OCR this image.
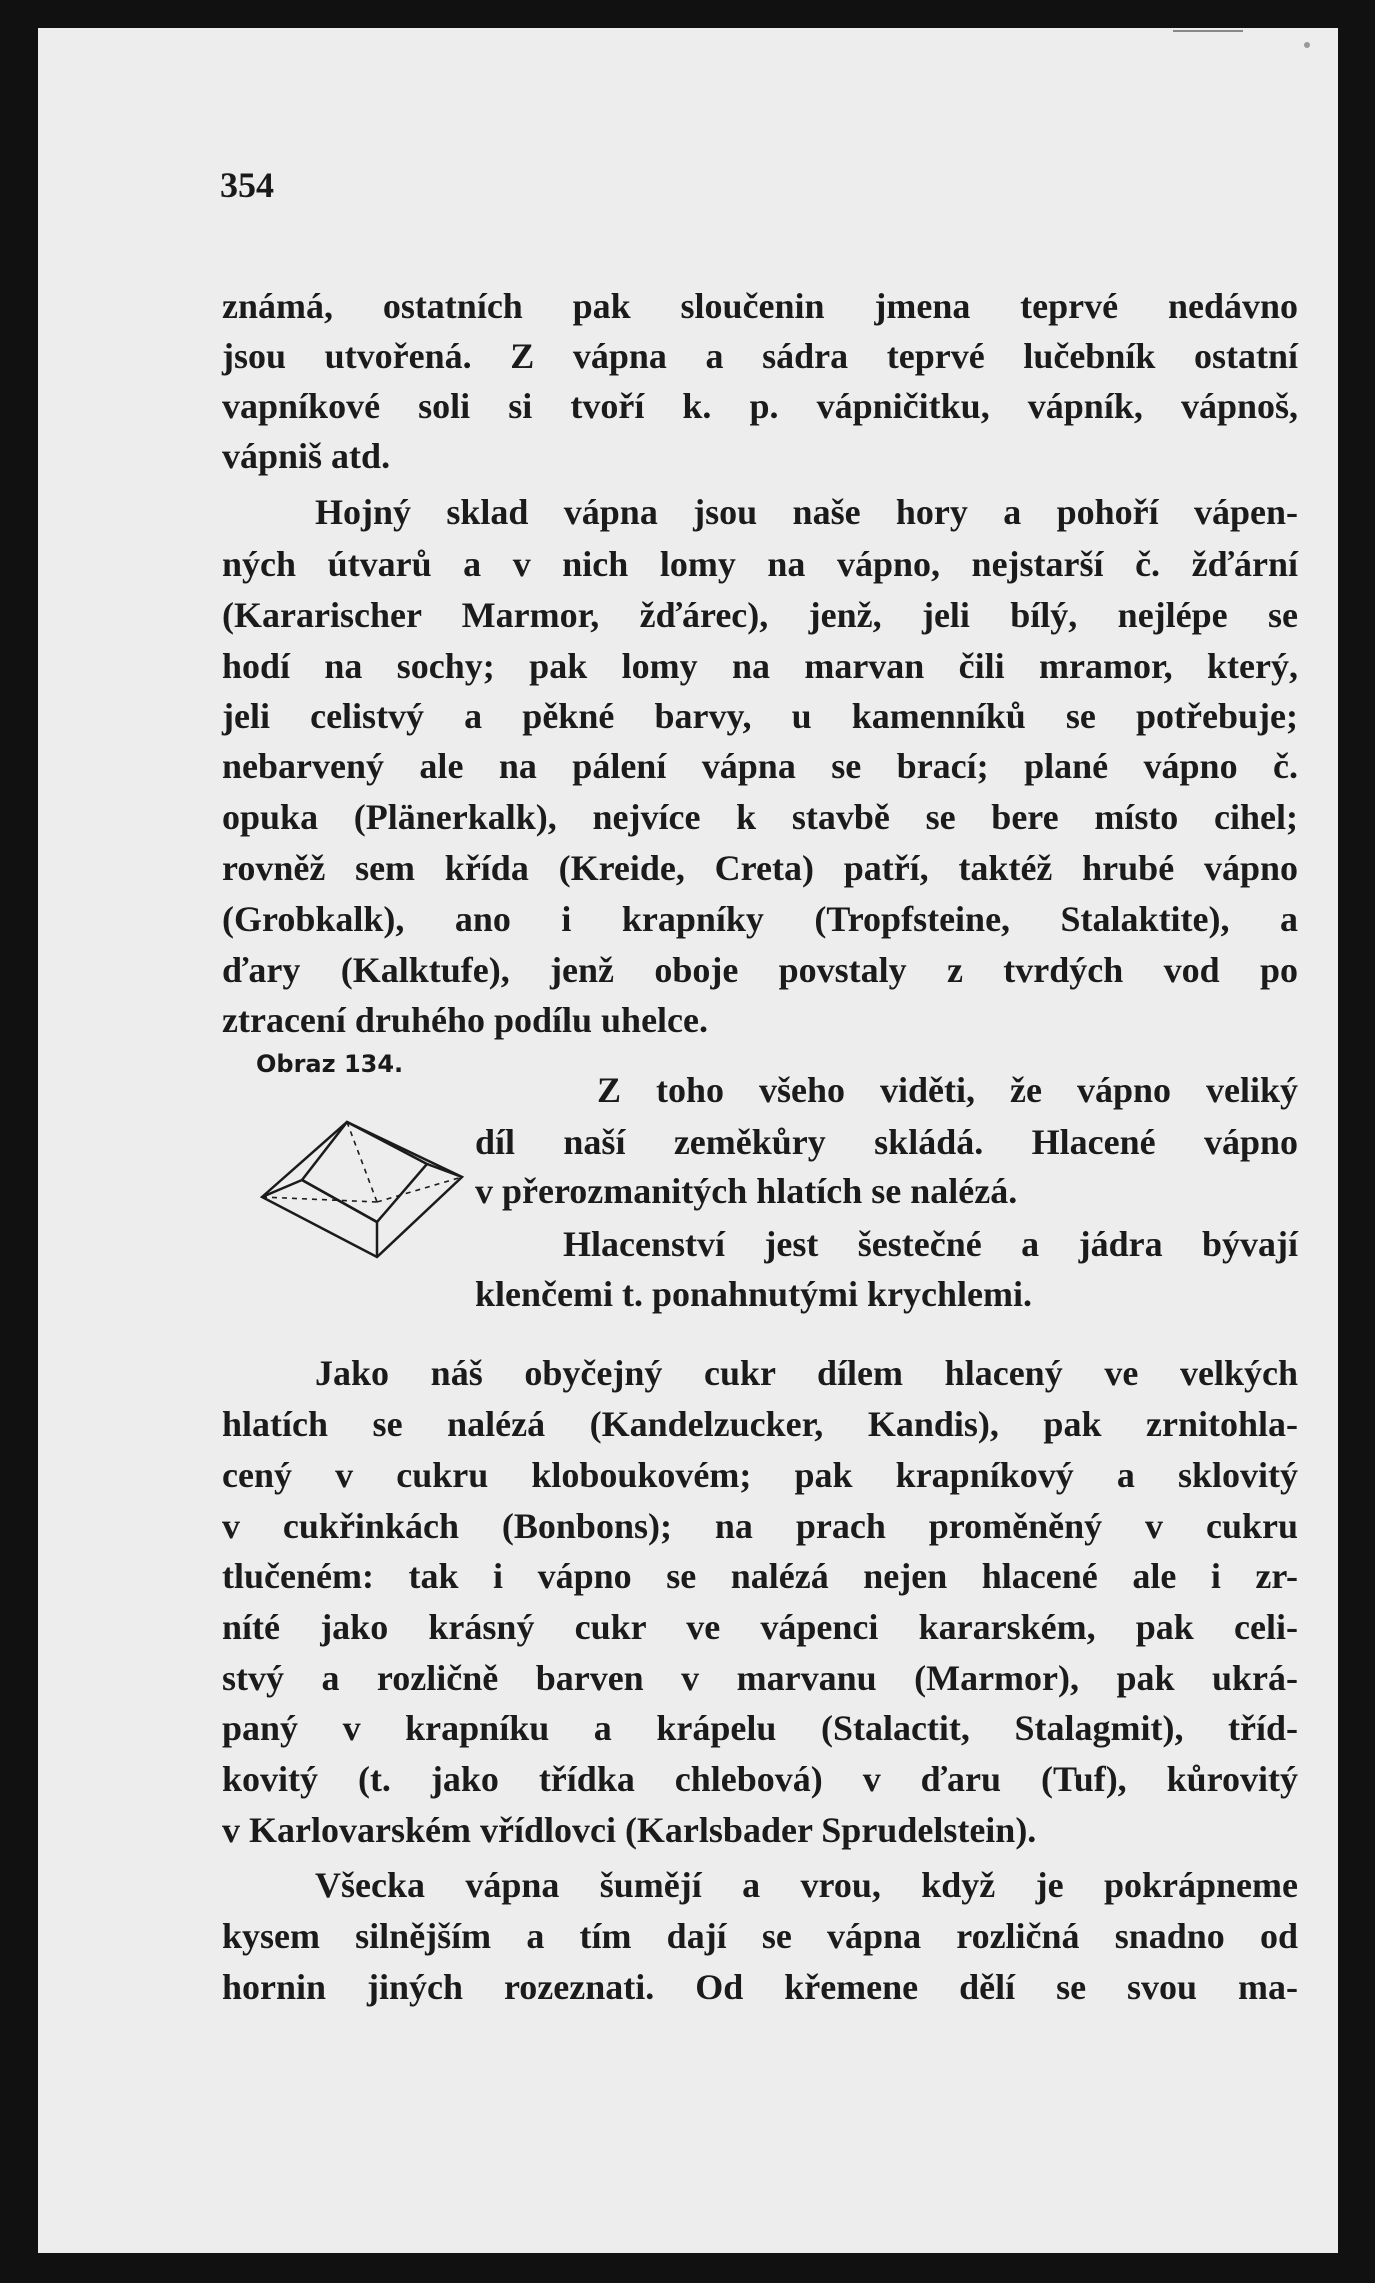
354
známá, ostatních pak sloučenin jmena teprvé nedávno
jsou utvořená. Z vápna a sádra teprvé lučebník ostatní
vapníkové soli si tvoří k. p. vápničitku, vápník, vápnoš,
vápniš atd.
Hojný sklad vápna jsou naše hory a pohoří vápen-
ných útvarů a v nich lomy na vápno, nejstarší č. žďární
(Kararischer Marmor, žďárec), jenž, jeli bílý, nejlépe se
hodí na sochy; pak lomy na marvan čili mramor, který,
jeli celistvý a pěkné barvy, u kamenníků se potřebuje;
nebarvený ale na pálení vápna se brací; plané vápno č.
opuka (Plänerkalk), nejvíce k stavbě se bere místo cihel;
rovněž sem křída (Kreide, Creta) patří, taktéž hrubé vápno
(Grobkalk), ano i krapníky (Tropfsteine, Stalaktite), a
ďary (Kalktufe), jenž oboje povstaly z tvrdých vod po
ztracení druhého podílu uhelce.
Obraz 134.
Z toho všeho viděti, že vápno veliký
díl naší zeměkůry skládá. Hlacené vápno
v přerozmanitých hlatích se nalézá.
Hlacenství jest šestečné a jádra bývají
klenčemi t. ponahnutými krychlemi.
Jako náš obyčejný cukr dílem hlacený ve velkých
hlatích se nalézá (Kandelzucker, Kandis), pak zrnitohla-
cený v cukru kloboukovém; pak krapníkový a sklovitý
v cukřinkách (Bonbons); na prach proměněný v cukru
tlučeném: tak i vápno se nalézá nejen hlacené ale i zr-
níté jako krásný cukr ve vápenci kararském, pak celi-
stvý a rozličně barven v marvanu (Marmor), pak ukrá-
paný v krapníku a krápelu (Stalactit, Stalagmit), tříd-
kovitý (t. jako třídka chlebová) v ďaru (Tuf), kůrovitý
v Karlovarském vřídlovci (Karlsbader Sprudelstein).
Všecka vápna šumějí a vrou, když je pokrápneme
kysem silnějším a tím dají se vápna rozličná snadno od
hornin jiných rozeznati. Od křemene dělí se svou ma-
